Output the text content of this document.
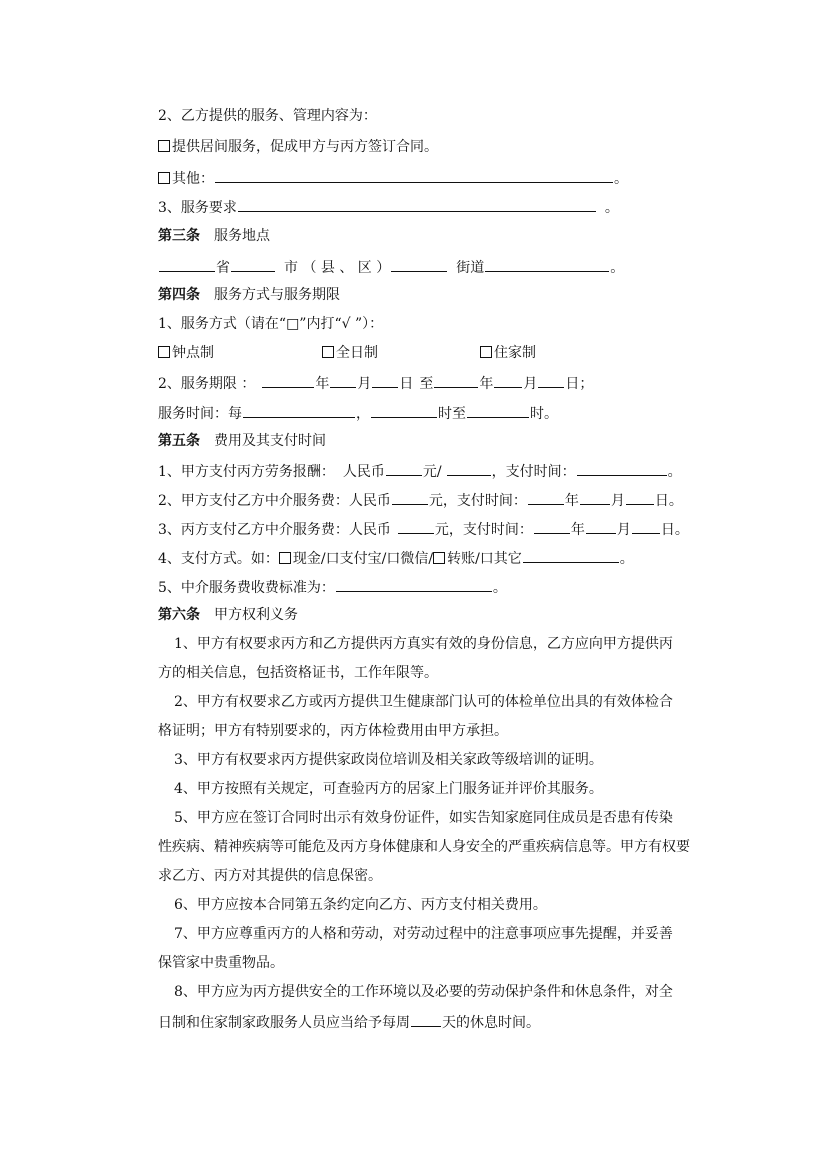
2、乙方提供的服务、管理内容为：
提供居间服务，促成甲方与丙方签订合同。
其他：	。
3、服务要求	。
第三条 服务地点
省	市 （ 县 、 区 ）	街道	。
第四条 服务方式与服务期限
1、服务方式（请在“□”内打“√ ”）：
钟点制	全日制	住家制
2、服务期限 ：	年 月 日 至	年 月 日；
服务时间：每	，	时至	时。
第五条 费用及其支付时间
1、甲方支付丙方劳务报酬： 人民币	元/	，支付时间：	。
2、甲方支付乙方中介服务费：人民币	元，支付时间：	年 月 日。
3、丙方支付乙方中介服务费：人民币	元，支付时间：	年 月 日。
4、支付方式。如： 现金/口支付宝/口微信/ 转账/口其它	。
5、中介服务费收费标准为：	。
第六条 甲方权利义务
1、甲方有权要求丙方和乙方提供丙方真实有效的身份信息，乙方应向甲方提供丙
方的相关信息，包括资格证书，工作年限等。
2、甲方有权要求乙方或丙方提供卫生健康部门认可的体检单位出具的有效体检合
格证明；甲方有特别要求的，丙方体检费用由甲方承担。
3、甲方有权要求丙方提供家政岗位培训及相关家政等级培训的证明。
4、甲方按照有关规定，可查验丙方的居家上门服务证并评价其服务。
5、甲方应在签订合同时出示有效身份证件，如实告知家庭同住成员是否患有传染
性疾病、精神疾病等可能危及丙方身体健康和人身安全的严重疾病信息等。甲方有权要
求乙方、丙方对其提供的信息保密。
6、甲方应按本合同第五条约定向乙方、丙方支付相关费用。
7、甲方应尊重丙方的人格和劳动，对劳动过程中的注意事项应事先提醒，并妥善
保管家中贵重物品。
8、甲方应为丙方提供安全的工作环境以及必要的劳动保护条件和休息条件，对全
日制和住家制家政服务人员应当给予每周 天的休息时间。
